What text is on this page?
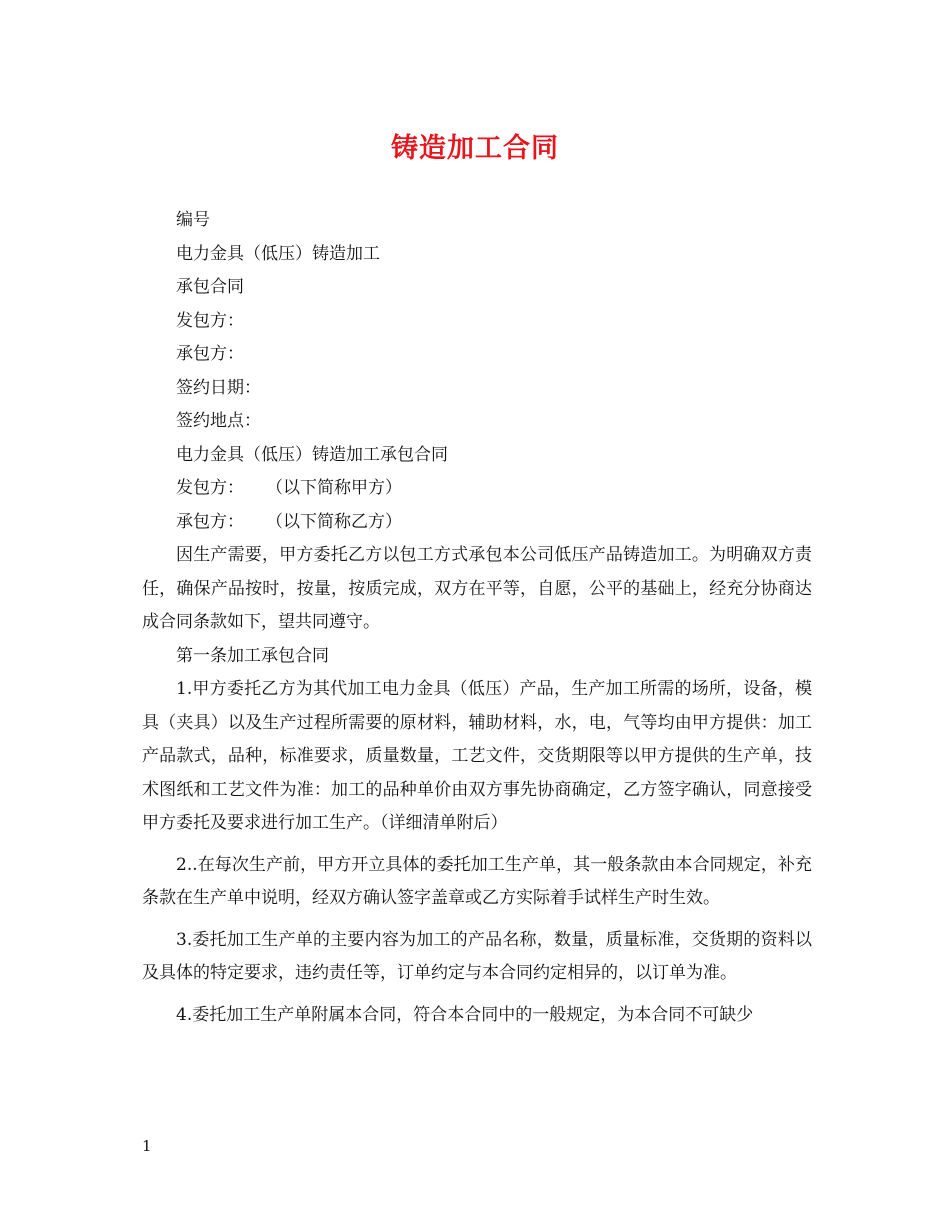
铸造加工合同
编号
电力金具（低压）铸造加工
承包合同
发包方：
承包方：
签约日期：
签约地点：
电力金具（低压）铸造加工承包合同
发包方： （以下简称甲方）
承包方： （以下简称乙方）
因生产需要，甲方委托乙方以包工方式承包本公司低压产品铸造加工。为明确双方责任，确保产品按时，按量，按质完成，双方在平等，自愿，公平的基础上，经充分协商达成合同条款如下，望共同遵守。
第一条加工承包合同
1.甲方委托乙方为其代加工电力金具（低压）产品，生产加工所需的场所，设备，模具（夹具）以及生产过程所需要的原材料，辅助材料，水，电，气等均由甲方提供：加工产品款式，品种，标准要求，质量数量，工艺文件，交货期限等以甲方提供的生产单，技术图纸和工艺文件为准：加工的品种单价由双方事先协商确定，乙方签字确认，同意接受甲方委托及要求进行加工生产。（详细清单附后）
2..在每次生产前，甲方开立具体的委托加工生产单，其一般条款由本合同规定，补充条款在生产单中说明，经双方确认签字盖章或乙方实际着手试样生产时生效。
3.委托加工生产单的主要内容为加工的产品名称，数量，质量标准，交货期的资料以及具体的特定要求，违约责任等，订单约定与本合同约定相异的，以订单为准。
4.委托加工生产单附属本合同，符合本合同中的一般规定，为本合同不可缺少
1
